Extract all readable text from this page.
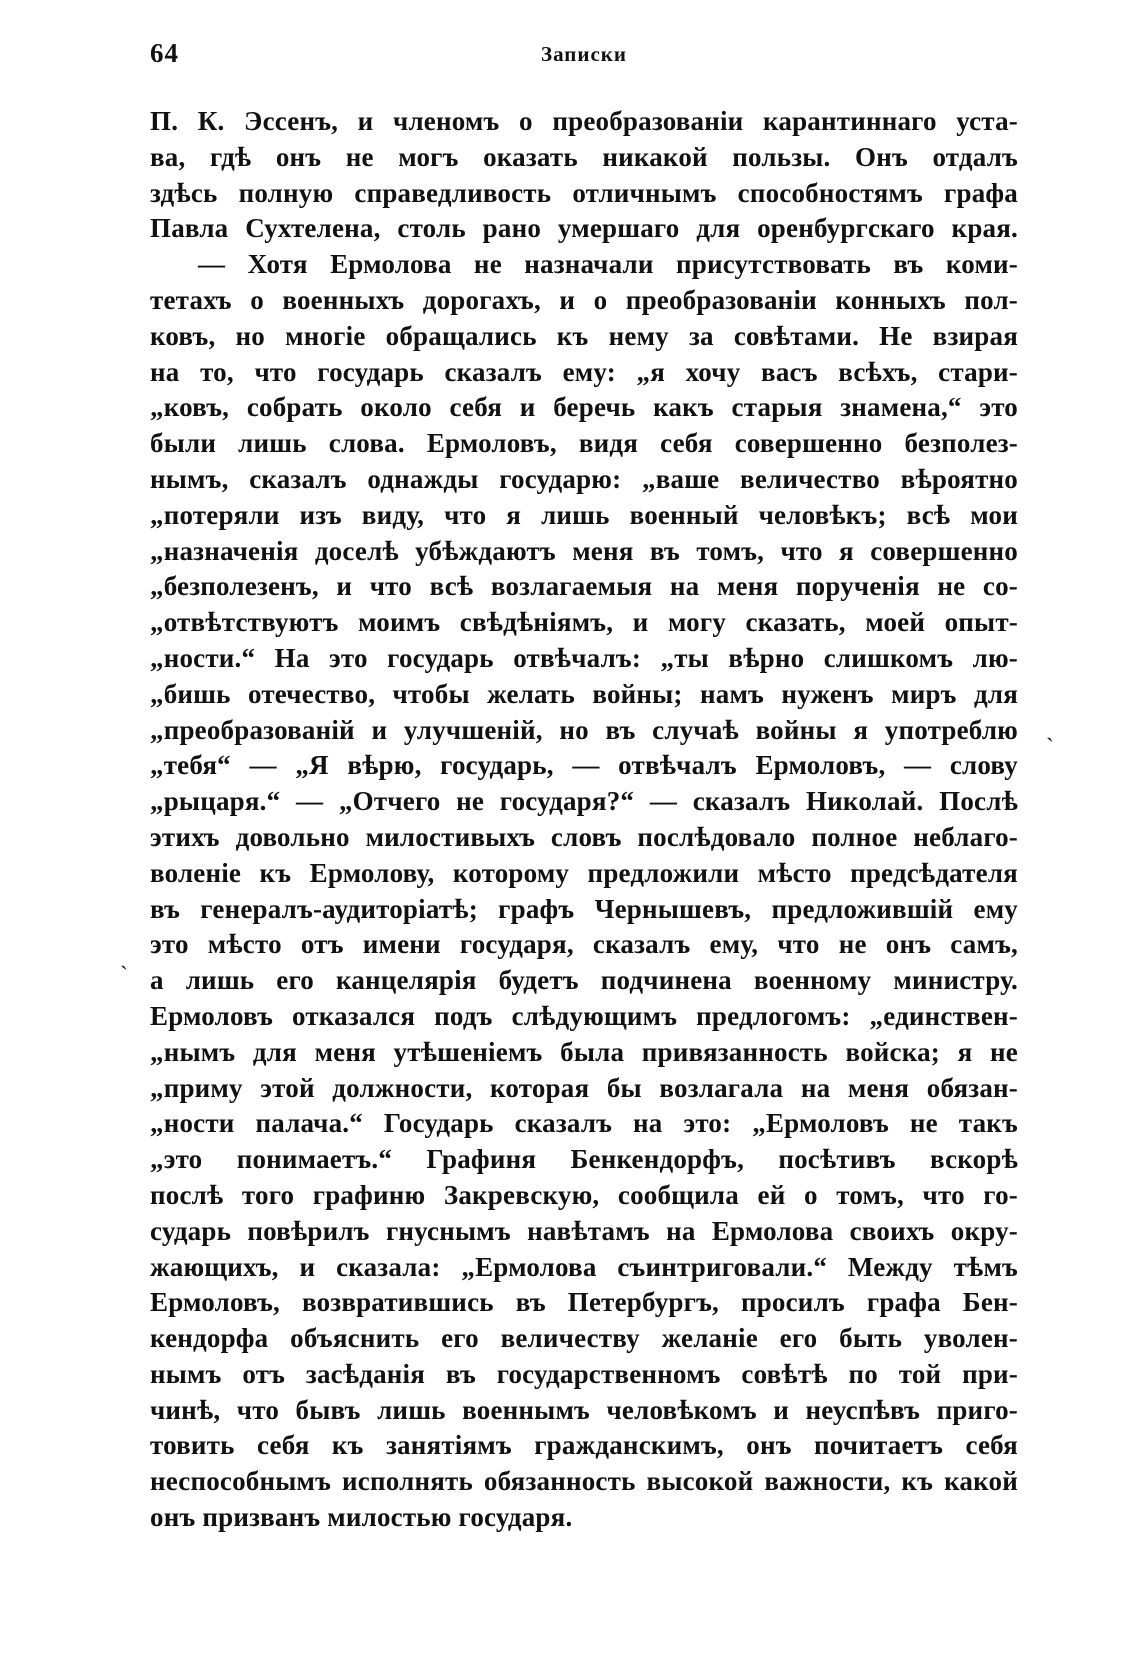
64	Записки
П. К. Эссенъ, и членомъ о преобразованіи карантиннаго уста-
ва, гдѣ онъ не могъ оказать никакой пользы. Онъ отдалъ
здѣсь полную справедливость отличнымъ способностямъ графа
Павла Сухтелена, столь рано умершаго для оренбургскаго края.
— Хотя Ермолова не назначали присутствовать въ коми-
тетахъ о военныхъ дорогахъ, и о преобразованіи конныхъ пол-
ковъ, но многіе обращались къ нему за совѣтами. Не взирая
на то, что государь сказалъ ему: „я хочу васъ всѣхъ, стари-
„ковъ, собрать около себя и беречь какъ старыя знамена,“ это
были лишь слова. Ермоловъ, видя себя совершенно безполез-
нымъ, сказалъ однажды государю: „ваше величество вѣроятно
„потеряли изъ виду, что я лишь военный человѣкъ; всѣ мои
„назначенія доселѣ убѣждаютъ меня въ томъ, что я совершенно
„безполезенъ, и что всѣ возлагаемыя на меня порученія не со-
„отвѣтствуютъ моимъ свѣдѣніямъ, и могу сказать, моей опыт-
„ности.“ На это государь отвѣчалъ: „ты вѣрно слишкомъ лю-
„бишь отечество, чтобы желать войны; намъ нуженъ миръ для
„преобразованій и улучшеній, но въ случаѣ войны я употреблю
„тебя“ — „Я вѣрю, государь, — отвѣчалъ Ермоловъ, — слову
„рыцаря.“ — „Отчего не государя?“ — сказалъ Николай. Послѣ
этихъ довольно милостивыхъ словъ послѣдовало полное неблаго-
воленіе къ Ермолову, которому предложили мѣсто предсѣдателя
въ генералъ-аудиторіатѣ; графъ Чернышевъ, предложившій ему
это мѣсто отъ имени государя, сказалъ ему, что не онъ самъ,
а лишь его канцелярія будетъ подчинена военному министру.
Ермоловъ отказался подъ слѣдующимъ предлогомъ: „единствен-
„нымъ для меня утѣшеніемъ была привязанность войска; я не
„приму этой должности, которая бы возлагала на меня обязан-
„ности палача.“ Государь сказалъ на это: „Ермоловъ не такъ
„это понимаетъ.“ Графиня Бенкендорфъ, посѣтивъ вскорѣ
послѣ того графиню Закревскую, сообщила ей о томъ, что го-
сударь повѣрилъ гнуснымъ навѣтамъ на Ермолова своихъ окру-
жающихъ, и сказала: „Ермолова съинтриговали.“ Между тѣмъ
Ермоловъ, возвратившись въ Петербургъ, просилъ графа Бен-
кендорфа объяснить его величеству желаніе его быть уволен-
нымъ отъ засѣданія въ государственномъ совѣтѣ по той при-
чинѣ, что бывъ лишь военнымъ человѣкомъ и неуспѣвъ приго-
товить себя къ занятіямъ гражданскимъ, онъ почитаетъ себя
неспособнымъ исполнять обязанность высокой важности, къ какой
онъ призванъ милостью государя.
˴
ˏ
